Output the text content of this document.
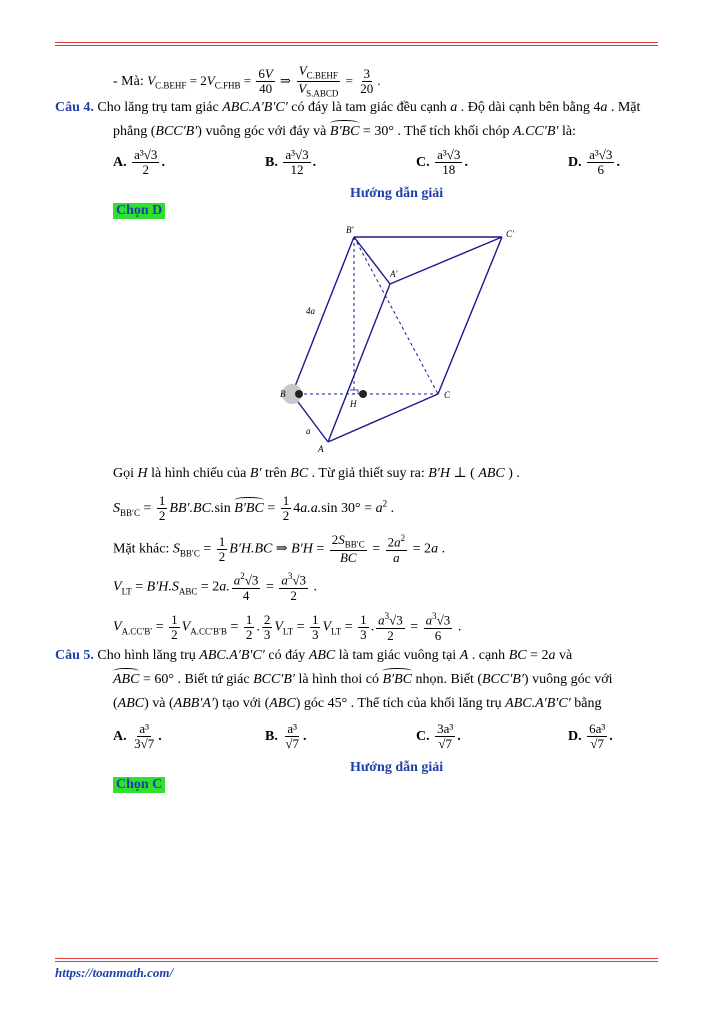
- Mà: $V_{C.BEHF} = 2V_{C.FHB} = \frac{6V}{40}$ ⇒ $\frac{V_{C.BEHF}}{V_{S.ABCD}} = \frac{3}{20}$ .
Câu 4. Cho lăng trụ tam giác ABC.A′B′C′ có đáy là tam giác đều cạnh a . Độ dài cạnh bên bằng 4a . Mặt
phẳng (BCC′B′) vuông góc với đáy và B′BC = 30° . Thể tích khối chóp A.CC′B′ là:
A. $\frac{\text{a³√3}}{2}$ .	B. $\frac{\text{a³√3}}{12}$ .	C. $\frac{\text{a³√3}}{18}$ .	D. $\frac{\text{a³√3}}{6}$ .
Hướng dẫn giải
Chọn D
B′	C′
A′
4a
B
H
C
a
A
Gọi H là hình chiếu của B′ trên BC . Từ giả thiết suy ra: B′H ⊥ ( ABC ) .
$S_{BB'C} = \frac{1}{2} BB'.BC.\sin$ $B'BC = \frac{1}{2} 4a.a.\sin$ $30^\circ = a^2$ .
Mặt khác: $S_{BB'C} = \frac{1}{2} B'H.BC$ ⇒ $B'H = \frac{2S_{BB'C}}{BC} = \frac{2a^2}{a} = 2a$ .
$V_{LT} = B'H.S_{ABC} = 2a$. $\frac{a^2√3}{4} = \frac{a^3√3}{2}$ .
$V_{A.CC'B'} = \frac{1}{2} V_{A.CC'B'B} = \frac{1}{2}$ . $\frac{2}{3} V_{LT} = \frac{1}{3} V_{LT} = \frac{1}{3}$ . $\frac{a^3√3}{2} = \frac{a^3√3}{6}$ .
Câu 5. Cho hình lăng trụ ABC.A′B′C′ có đáy ABC là tam giác vuông tại A . cạnh BC = 2a và
ABC = 60° . Biết tứ giác BCC′B′ là hình thoi có B′BC nhọn. Biết (BCC′B′) vuông góc với
(ABC) và (ABB′A′) tạo với (ABC) góc 45° . Thể tích của khối lăng trụ ABC.A′B′C′ bằng
A. $\frac{\text{a³}}{3√7}$ .	B. $\frac{\text{a³}}{√7}$ .	C. $\frac{\text{3a³}}{√7}$ .	D. $\frac{\text{6a³}}{√7}$ .
Hướng dẫn giải
Chọn C
https://toanmath.com/
